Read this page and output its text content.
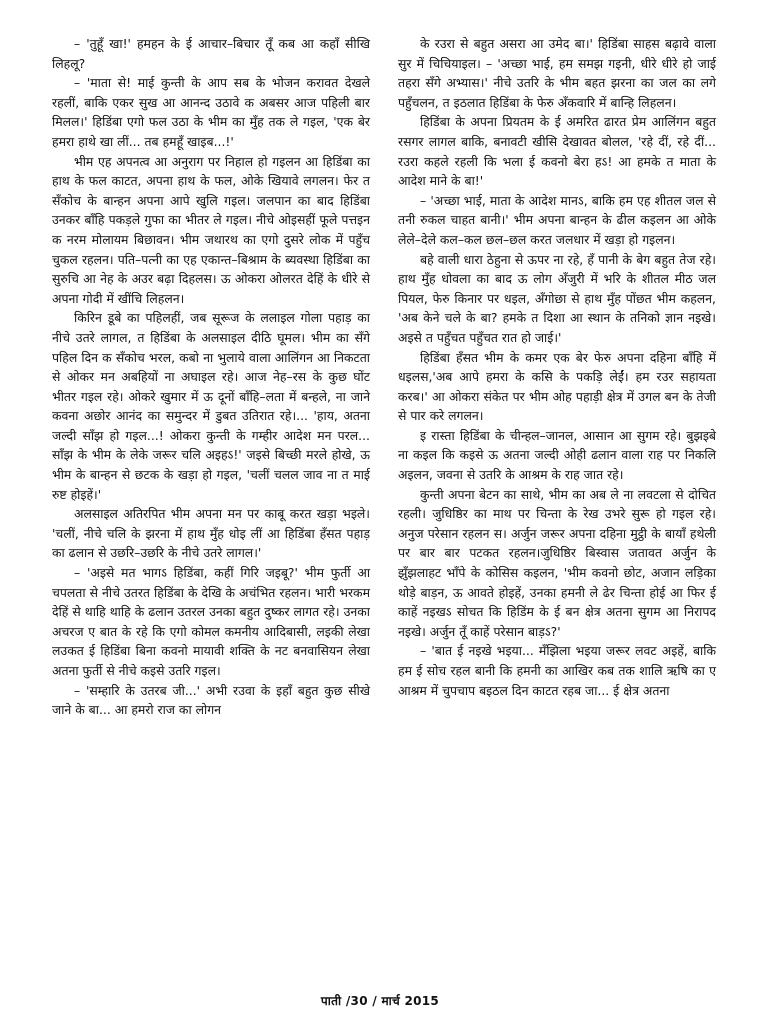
– 'तुहूँ खा!' हमहन के ई आचार–बिचार तूँ कब आ कहाँ सीखि लिहलू?

– 'माता से! माई कुन्ती के आप सब के भोजन करावत देखले रहलीं, बाकि एकर सुख आ आनन्द उठावे क अबसर आज पहिली बार मिलल।' हिडिंबा एगो फल उठा के भीम का मुँह तक ले गइल, 'एक बेर हमरा हाथे खा लीं... तब हमहूँ खाइब...!'

भीम एह अपनत्व आ अनुराग पर निहाल हो गइलन आ हिडिंबा का हाथ के फल काटत, अपना हाथ के फल, ओके खियावे लगलन। फेर त सँकोच के बान्हन अपना आपे खुलि गइल। जलपान का बाद हिडिंबा उनकर बाँहि पकड़ले गुफा का भीतर ले गइल। नीचे ओइसहीं फूले पत्तइन क नरम मोलायम बिछावन। भीम जथारथ का एगो दुसरे लोक में पहुँच चुकल रहलन। पति–पत्नी का एह एकान्त–बिश्राम के ब्यवस्था हिडिंबा का सुरुचि आ नेह के अउर बढ़ा दिहलस। ऊ ओकरा ओलरत देहिं के धीरे से अपना गोदी में खींचि लिहलन।

किरिन डूबे का पहिलहीं, जब सूरूज के ललाइल गोला पहाड़ का नीचे उतरे लागल, त हिडिंबा के अलसाइल दीठि घूमल। भीम का सँगे पहिल दिन क सँकोच भरल, कबो ना भुलाये वाला आलिंगन आ निकटता से ओकर मन अबहियों ना अघाइल रहे। आज नेह–रस के कुछ घोंट भीतर गइल रहे। ओकरे खुमार में ऊ दूनों बाँहि–लता में बन्हले, ना जाने कवना अछोर आनंद का समुन्दर में डुबत उतिरात रहे।... 'हाय, अतना जल्दी साँझ हो गइल...! ओकरा कुन्ती के गम्हीर आदेश मन परल... साँझ के भीम के लेके जरूर चलि अइहऽ!' जइसे बिच्छी मरले होखे, ऊ भीम के बान्हन से छटक के खड़ा हो गइल, 'चलीं चलल जाव ना त माई रुष्ट होइहें।'

अलसाइल अतिरपित भीम अपना मन पर काबू करत खड़ा भइले। 'चलीं, नीचे चलि के झरना में हाथ मुँह धोइ लीं आ हिडिंबा हँसत पहाड़ का ढलान से उछरि–उछरि के नीचे उतरे लागल।'

– 'अइसे मत भागऽ हिडिंबा, कहीं गिरि जइबू?' भीम फुर्ती आ चपलता से नीचे उतरत हिडिंबा के देखि के अचंभित रहलन। भारी भरकम देहिं से थाहि थाहि के ढलान उतरल उनका बहुत दुष्कर लागत रहे। उनका अचरज ए बात के रहे कि एगो कोमल कमनीय आदिबासी, लइकी लेखा लउकत ई हिडिंबा बिना कवनो मायावी शक्ति के नट बनवासियन लेखा अतना फुर्ती से नीचे कइसे उतरि गइल।

– 'सम्हारि के उतरब जी...' अभी रउवा के इहाँ बहुत कुछ सीखे जाने के बा... आ हमरो राज का लोगन

के रउरा से बहुत असरा आ उमेद बा।' हिडिंबा साहस बढ़ावे वाला सुर में चिचियाइल। – 'अच्छा भाई, हम समझ गइनी, धीरे धीरे हो जाई तहरा सँगे अभ्यास।' नीचे उतरि के भीम बहत झरना का जल का लगे पहुँचलन, त इठलात हिडिंबा के फेरु अँकवारि में बान्हि लिहलन।

हिडिंबा के अपना प्रियतम के ई अमरित ढारत प्रेम आलिंगन बहुत रसगर लागल बाकि, बनावटी खीसि देखावत बोलल, 'रहे दीं, रहे दीं... रउरा कहले रहली कि भला ई कवनो बेरा हऽ! आ हमके त माता के आदेश माने के बा!'

– 'अच्छा भाई, माता के आदेश मानऽ, बाकि हम एह शीतल जल से तनी रुकल चाहत बानी।' भीम अपना बान्हन के ढील कइलन आ ओके लेले–देले कल–कल छल–छल करत जलधार में खड़ा हो गइलन।

बहे वाली धारा ठेहुना से ऊपर ना रहे, हँ पानी के बेग बहुत तेज रहे। हाथ मुँह धोवला का बाद ऊ लोग अँजुरी में भरि के शीतल मीठ जल पियल, फेरु किनार पर धइल, अँगोछा से हाथ मुँह पोंछत भीम कहलन, 'अब केने चले के बा? हमके त दिशा आ स्थान के तनिको ज्ञान नइखे। अइसे त पहुँचत पहुँचत रात हो जाई।'

हिडिंबा हँसत भीम के कमर एक बेर फेरु अपना दहिना बाँहि में धइलस,'अब आपे हमरा के कसि के पकड़ि लेईं। हम रउर सहायता करब।' आ ओकरा संकेत पर भीम ओह पहाड़ी क्षेत्र में उगल बन के तेजी से पार करे लगलन।

इ रास्ता हिडिंबा के चीन्हल–जानल, आसान आ सुगम रहे। बुझइबे ना कइल कि कइसे ऊ अतना जल्दी ओही ढलान वाला राह पर निकलि अइलन, जवना से उतरि के आश्रम के राह जात रहे।

कुन्ती अपना बेटन का साथे, भीम का अब ले ना लवटला से दोचित रहली। जुधिष्ठिर का माथ पर चिन्ता के रेख उभरे सुरू हो गइल रहे। अनुज परेसान रहलन स। अर्जुन जरूर अपना दहिना मुट्ठी के बायाँ हथेली पर बार बार पटकत रहलन।जुधिष्ठिर बिस्वास जतावत अर्जुन के झुँझलाहट भाँपे के कोसिस कइलन, 'भीम कवनो छोट, अजान लड़िका थोड़े बाड़न, ऊ आवते होइहें, उनका हमनी ले ढेर चिन्ता होई आ फिर ई काहें नइखऽ सोचत कि हिडिंम के ई बन क्षेत्र अतना सुगम आ निरापद नइखे। अर्जुन तूँ काहें परेसान बाड़ऽ?'

– 'बात ई नइखे भइया... मँझिला भइया जरूर लवट अइहें, बाकि हम ई सोच रहल बानी कि हमनी का आखिर कब तक शालि ऋषि का ए आश्रम में चुपचाप बइठल दिन काटत रहब जा... ई क्षेत्र अतना

पाती /30 / मार्च 2015
